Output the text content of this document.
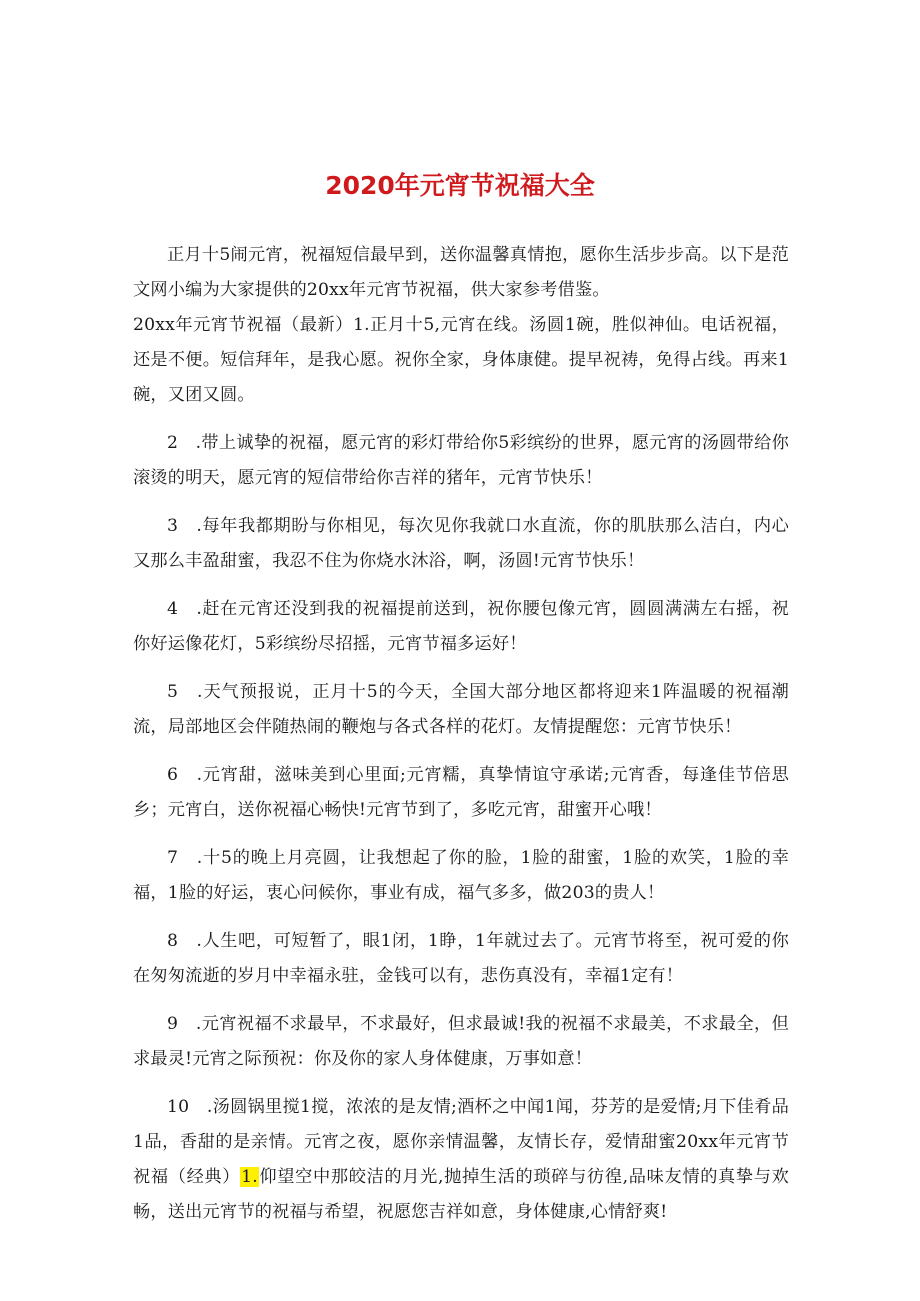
2020年元宵节祝福大全

正月十5闹元宵，祝福短信最早到，送你温馨真情抱，愿你生活步步高。以下是范文网小编为大家提供的20xx年元宵节祝福，供大家参考借鉴。

20xx年元宵节祝福（最新）1.正月十5,元宵在线。汤圆1碗，胜似神仙。电话祝福，还是不便。短信拜年，是我心愿。祝你全家，身体康健。提早祝祷，免得占线。再来1碗，又团又圆。

2　.带上诚挚的祝福，愿元宵的彩灯带给你5彩缤纷的世界，愿元宵的汤圆带给你滚烫的明天，愿元宵的短信带给你吉祥的猪年，元宵节快乐！

3　.每年我都期盼与你相见，每次见你我就口水直流，你的肌肤那么洁白，内心又那么丰盈甜蜜，我忍不住为你烧水沐浴，啊，汤圆!元宵节快乐！

4　.赶在元宵还没到我的祝福提前送到，祝你腰包像元宵，圆圆满满左右摇，祝你好运像花灯，5彩缤纷尽招摇，元宵节福多运好！

5　.天气预报说，正月十5的今天，全国大部分地区都将迎来1阵温暖的祝福潮流，局部地区会伴随热闹的鞭炮与各式各样的花灯。友情提醒您：元宵节快乐！

6　.元宵甜，滋味美到心里面;元宵糯，真挚情谊守承诺;元宵香，每逢佳节倍思乡；元宵白，送你祝福心畅快!元宵节到了，多吃元宵，甜蜜开心哦！

7　.十5的晚上月亮圆，让我想起了你的脸，1脸的甜蜜，1脸的欢笑，1脸的幸福，1脸的好运，衷心问候你，事业有成，福气多多，做203的贵人！

8　.人生吧，可短暂了，眼1闭，1睁，1年就过去了。元宵节将至，祝可爱的你在匆匆流逝的岁月中幸福永驻，金钱可以有，悲伤真没有，幸福1定有！

9　.元宵祝福不求最早，不求最好，但求最诚!我的祝福不求最美，不求最全，但求最灵!元宵之际预祝：你及你的家人身体健康，万事如意！

10　.汤圆锅里搅1搅，浓浓的是友情;酒杯之中闻1闻，芬芳的是爱情;月下佳肴品1品，香甜的是亲情。元宵之夜，愿你亲情温馨，友情长存，爱情甜蜜20xx年元宵节祝福（经典）1.仰望空中那皎洁的月光,抛掉生活的琐碎与彷徨,品味友情的真挚与欢畅，送出元宵节的祝福与希望，祝愿您吉祥如意，身体健康,心情舒爽!
